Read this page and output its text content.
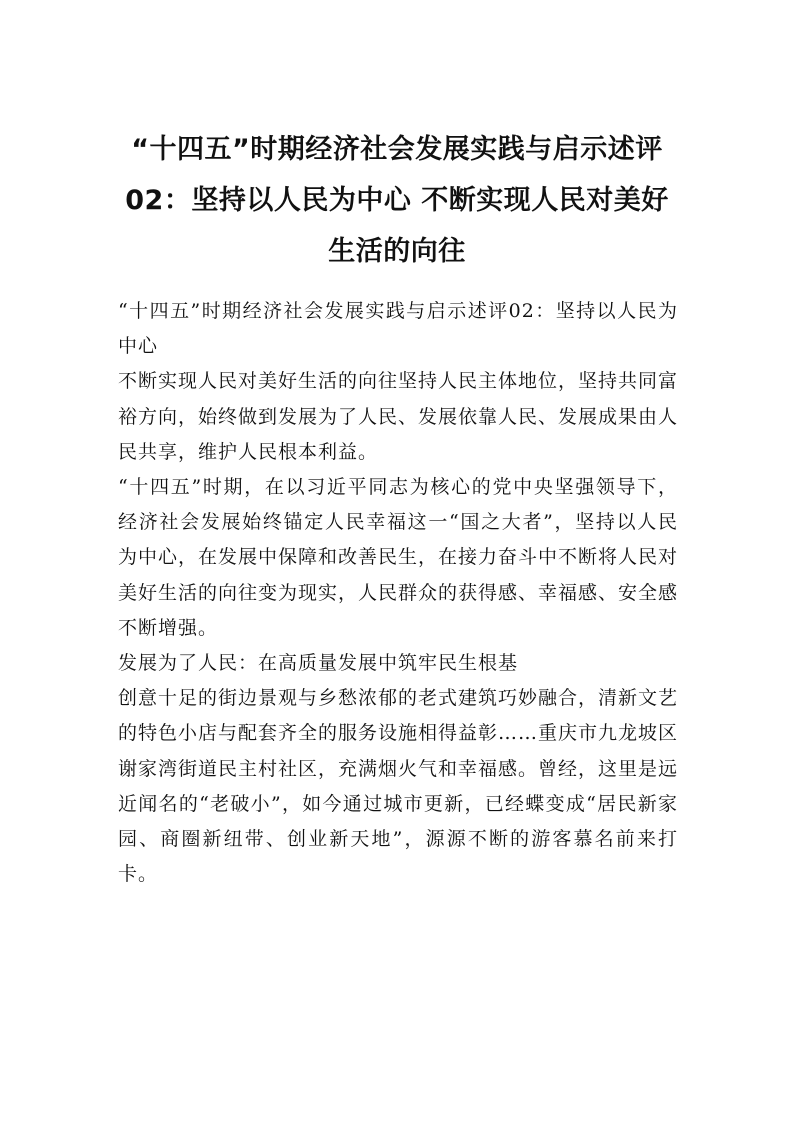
“十四五”时期经济社会发展实践与启示述评02：坚持以人民为中心 不断实现人民对美好生活的向往

“十四五”时期经济社会发展实践与启示述评02：坚持以人民为中心

不断实现人民对美好生活的向往坚持人民主体地位，坚持共同富裕方向，始终做到发展为了人民、发展依靠人民、发展成果由人民共享，维护人民根本利益。

“十四五”时期，在以习近平同志为核心的党中央坚强领导下，经济社会发展始终锚定人民幸福这一“国之大者”，坚持以人民为中心，在发展中保障和改善民生，在接力奋斗中不断将人民对美好生活的向往变为现实，人民群众的获得感、幸福感、安全感不断增强。

发展为了人民：在高质量发展中筑牢民生根基

创意十足的街边景观与乡愁浓郁的老式建筑巧妙融合，清新文艺的特色小店与配套齐全的服务设施相得益彰……重庆市九龙坡区谢家湾街道民主村社区，充满烟火气和幸福感。曾经，这里是远近闻名的“老破小”，如今通过城市更新，已经蝶变成“居民新家园、商圈新纽带、创业新天地”，源源不断的游客慕名前来打卡。
